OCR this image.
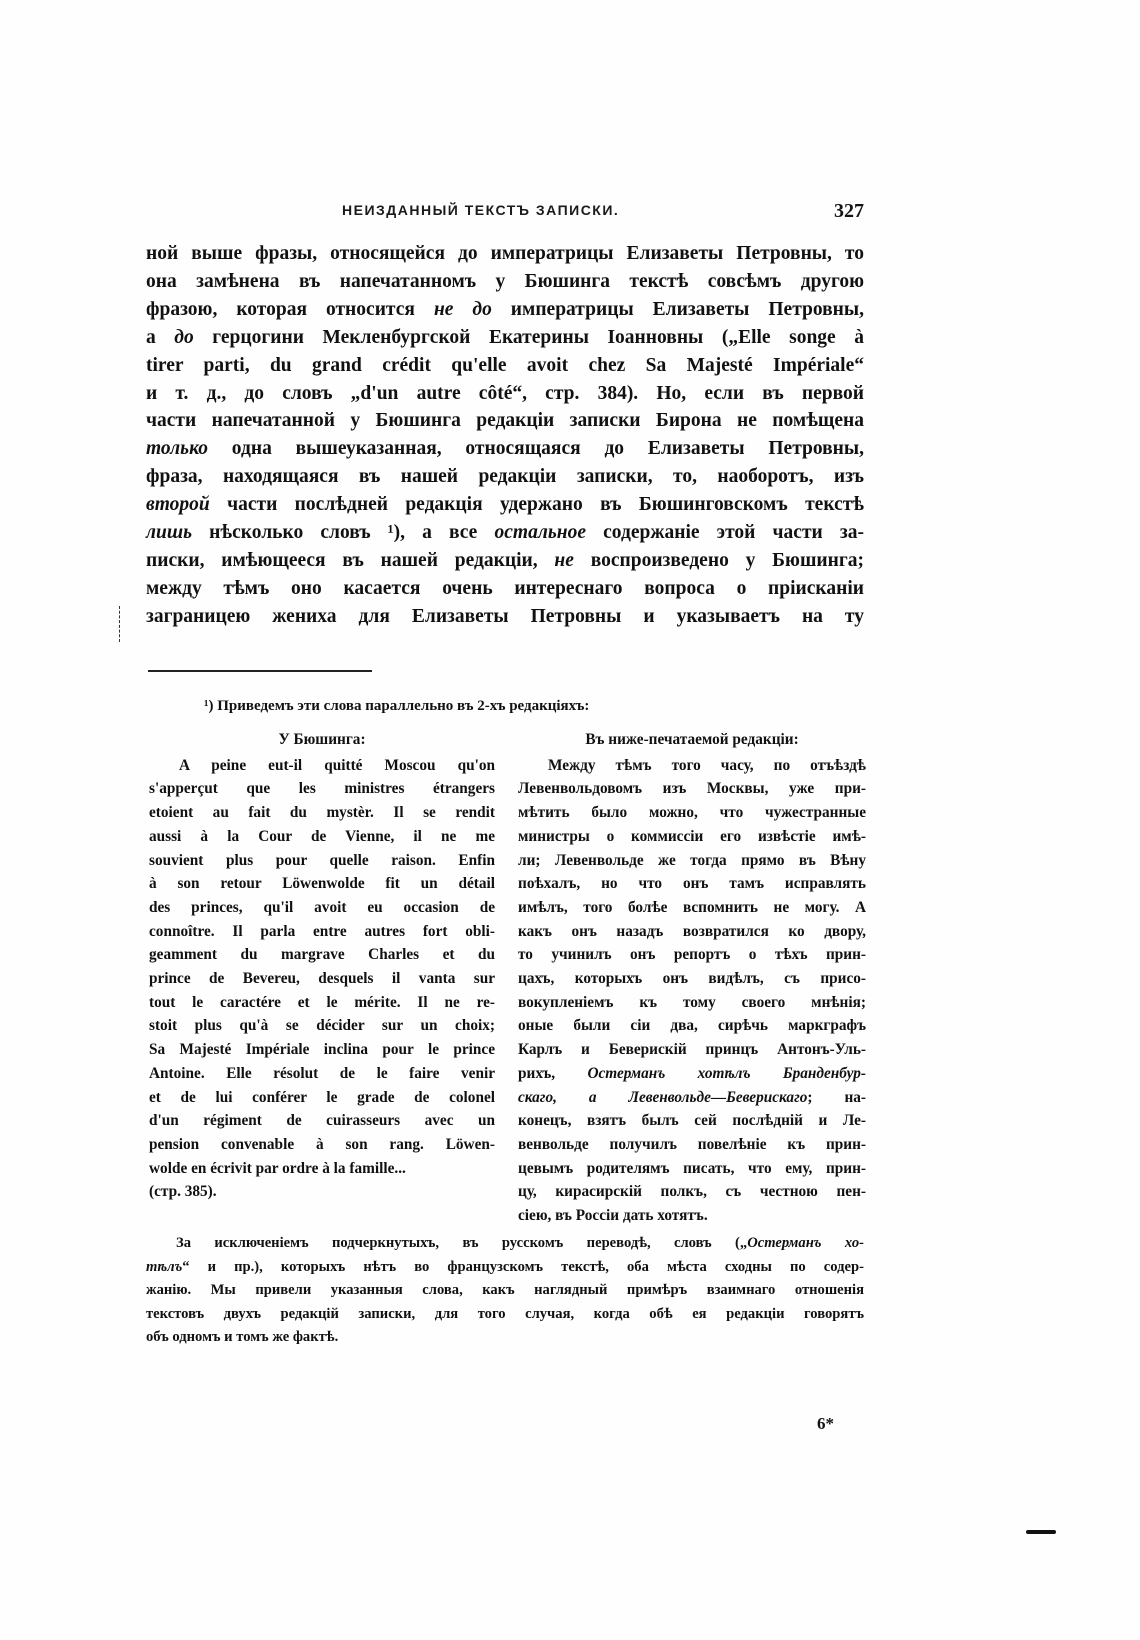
НЕИЗДАННЫЙ ТЕКСТЪ ЗАПИСКИ.	327
ной выше фразы, относящейся до императрицы Елизаветы Петровны, то
она замѣнена въ напечатанномъ у Бюшинга текстѣ совсѣмъ другою
фразою, которая относится не до императрицы Елизаветы Петровны,
а до герцогини Мекленбургской Екатерины Іоанновны („Elle songe à
tirer parti, du grand crédit qu'elle avoit chez Sa Majesté Impériale“
и т. д., до словъ „d'un autre côté“, стр. 384). Но, если въ первой
части напечатанной у Бюшинга редакціи записки Бирона не помѣщена
только одна вышеуказанная, относящаяся до Елизаветы Петровны,
фраза, находящаяся въ нашей редакціи записки, то, наоборотъ, изъ
второй части послѣдней редакція удержано въ Бюшинговскомъ текстѣ
лишь нѣсколько словъ ¹), а все остальное содержаніе этой части за-
писки, имѣющееся въ нашей редакціи, не воспроизведено у Бюшинга;
между тѣмъ оно касается очень интереснаго вопроса о пріисканіи
заграницею жениха для Елизаветы Петровны и указываетъ на ту
¹) Приведемъ эти слова параллельно въ 2-хъ редакціяхъ:
У Бюшинга:
A peine eut-il quitté Moscou qu'on
s'apperçut que les ministres étrangers
etoient au fait du mystèr. Il se rendit
aussi à la Cour de Vienne, il ne me
souvient plus pour quelle raison. Enfin
à son retour Löwenwolde fit un détail
des princes, qu'il avoit eu occasion de
connoître. Il parla entre autres fort obli-
geamment du margrave Charles et du
prince de Bevereu, desquels il vanta sur
tout le caractére et le mérite. Il ne re-
stoit plus qu'à se décider sur un choix;
Sa Majesté Impériale inclina pour le prince
Antoine. Elle résolut de le faire venir
et de lui conférer le grade de colonel
d'un régiment de cuirasseurs avec un
pension convenable à son rang. Löwen-
wolde en écrivit par ordre à la famille...
(стр. 385).
Въ ниже-печатаемой редакціи:
Между тѣмъ того часу, по отъѣздѣ
Левенвольдовомъ изъ Москвы, уже при-
мѣтить было можно, что чужестранные
министры о коммиссіи его извѣстіе имѣ-
ли; Левенвольде же тогда прямо въ Вѣну
поѣхалъ, но что онъ тамъ исправлять
имѣлъ, того болѣе вспомнить не могу. А
какъ онъ назадъ возвратился ко двору,
то учинилъ онъ репортъ о тѣхъ прин-
цахъ, которыхъ онъ видѣлъ, съ присо-
вокупленіемъ къ тому своего мнѣнія;
оные были сіи два, сирѣчь маркграфъ
Карлъ и Беверискій принцъ Антонъ-Уль-
рихъ, Остерманъ хотѣлъ Бранденбур-
скаго, а Левенвольде—Беверискаго; на-
конецъ, взятъ былъ сей послѣдній и Ле-
венвольде получилъ повелѣніе къ прин-
цевымъ родителямъ писать, что ему, прин-
цу, кирасирскій полкъ, съ честною пен-
сіею, въ Россіи дать хотятъ.
За исключеніемъ подчеркнутыхъ, въ русскомъ переводѣ, словъ („Остерманъ хо-
тѣлъ“ и пр.), которыхъ нѣтъ во французскомъ текстѣ, оба мѣста сходны по содер-
жанію. Мы привели указанныя слова, какъ наглядный примѣръ взаимнаго отношенія
текстовъ двухъ редакцій записки, для того случая, когда обѣ ея редакціи говорятъ
объ одномъ и томъ же фактѣ.
6*
